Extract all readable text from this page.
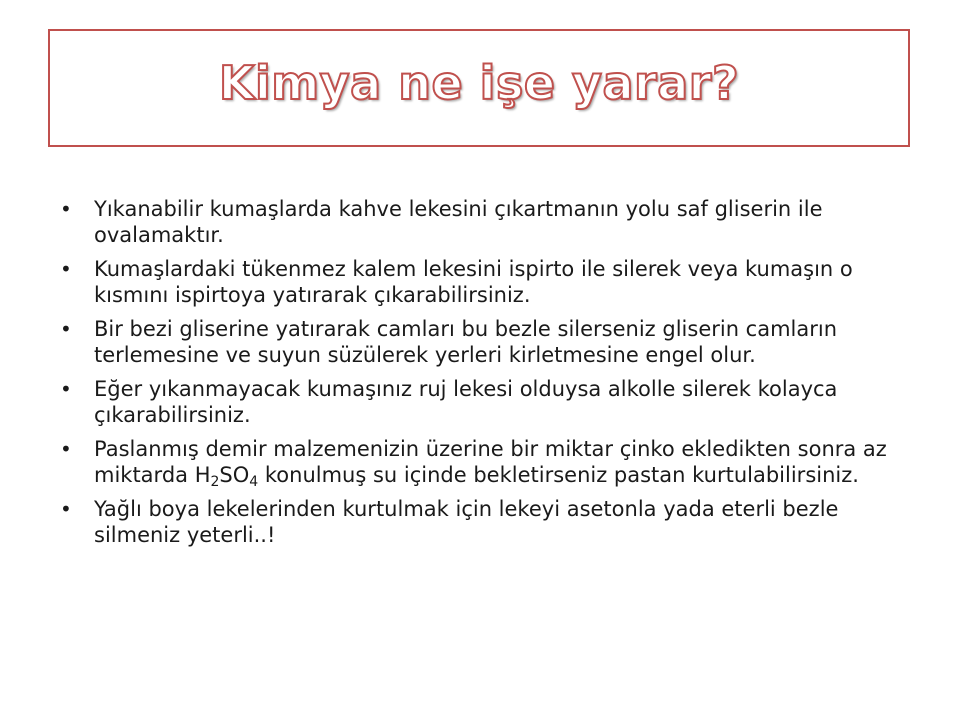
Kimya ne işe yarar?
• Yıkanabilir kumaşlarda kahve lekesini çıkartmanın yolu saf gliserin ile ovalamaktır.
• Kumaşlardaki tükenmez kalem lekesini ispirto ile silerek veya kumaşın o kısmını ispirtoya yatırarak çıkarabilirsiniz.
• Bir bezi gliserine yatırarak camları bu bezle silerseniz gliserin camların terlemesine ve suyun süzülerek yerleri kirletmesine engel olur.
• Eğer yıkanmayacak kumaşınız ruj lekesi olduysa alkolle silerek kolayca çıkarabilirsiniz.
• Paslanmış demir malzemenizin üzerine bir miktar çinko ekledikten sonra az miktarda $H_2SO_4$ konulmuş su içinde bekletirseniz pastan kurtulabilirsiniz.
• Yağlı boya lekelerinden kurtulmak için lekeyi asetonla yada eterli bezle silmeniz yeterli..!
